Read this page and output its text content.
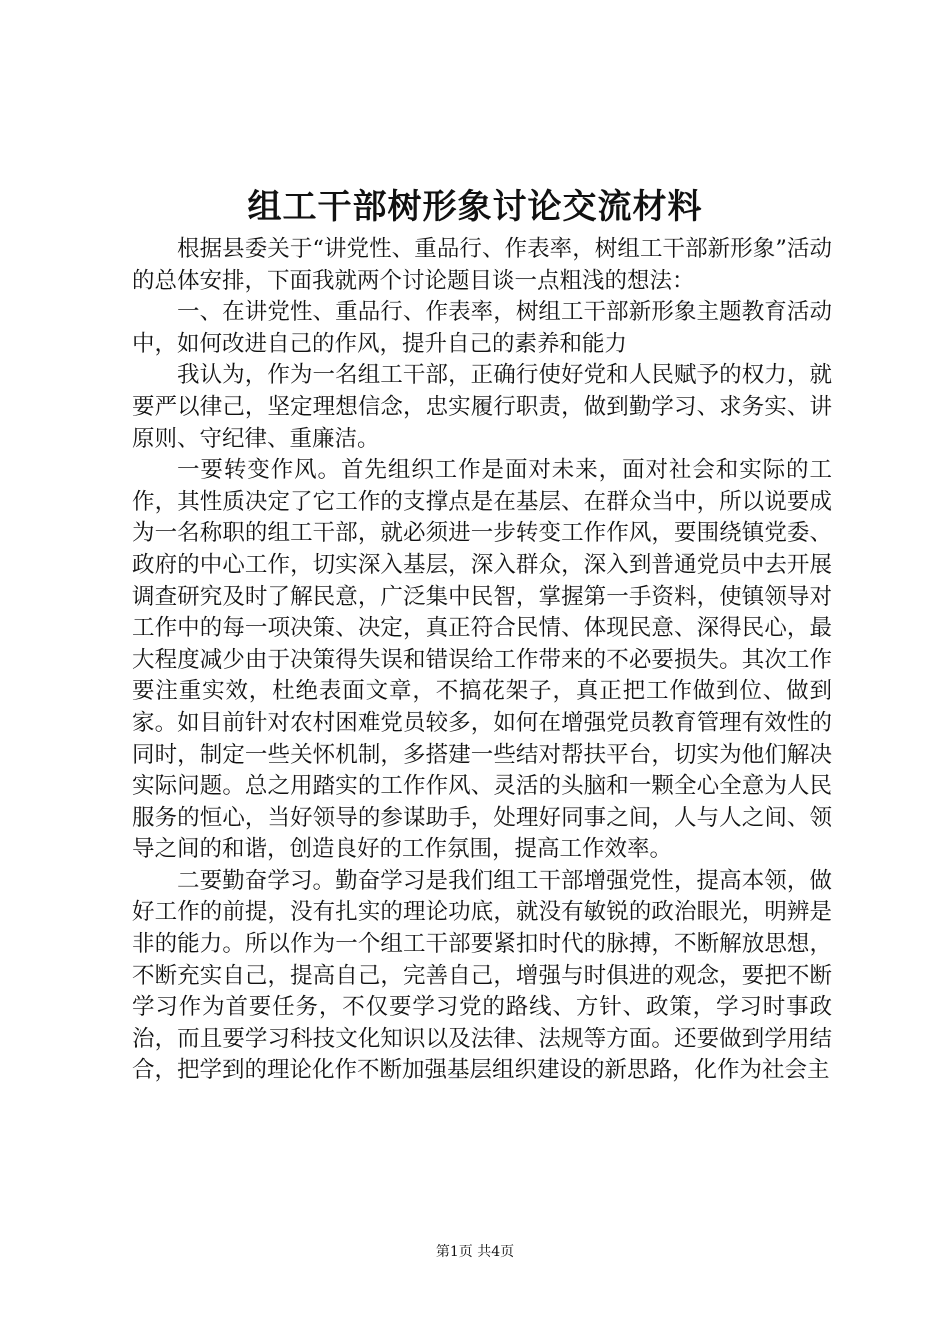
组工干部树形象讨论交流材料

根据县委关于“讲党性、重品行、作表率，树组工干部新形象”活动的总体安排，下面我就两个讨论题目谈一点粗浅的想法：

一、在讲党性、重品行、作表率，树组工干部新形象主题教育活动中，如何改进自己的作风，提升自己的素养和能力

我认为，作为一名组工干部，正确行使好党和人民赋予的权力，就要严以律己，坚定理想信念，忠实履行职责，做到勤学习、求务实、讲原则、守纪律、重廉洁。

一要转变作风。首先组织工作是面对未来，面对社会和实际的工作，其性质决定了它工作的支撑点是在基层、在群众当中，所以说要成为一名称职的组工干部，就必须进一步转变工作作风，要围绕镇党委、政府的中心工作，切实深入基层，深入群众，深入到普通党员中去开展调查研究及时了解民意，广泛集中民智，掌握第一手资料，使镇领导对工作中的每一项决策、决定，真正符合民情、体现民意、深得民心，最大程度减少由于决策得失误和错误给工作带来的不必要损失。其次工作要注重实效，杜绝表面文章，不搞花架子，真正把工作做到位、做到家。如目前针对农村困难党员较多，如何在增强党员教育管理有效性的同时，制定一些关怀机制，多搭建一些结对帮扶平台，切实为他们解决实际问题。总之用踏实的工作作风、灵活的头脑和一颗全心全意为人民服务的恒心，当好领导的参谋助手，处理好同事之间，人与人之间、领导之间的和谐，创造良好的工作氛围，提高工作效率。

二要勤奋学习。勤奋学习是我们组工干部增强党性，提高本领，做好工作的前提，没有扎实的理论功底，就没有敏锐的政治眼光，明辨是非的能力。所以作为一个组工干部要紧扣时代的脉搏，不断解放思想，不断充实自己，提高自己，完善自己，增强与时俱进的观念，要把不断学习作为首要任务，不仅要学习党的路线、方针、政策，学习时事政治，而且要学习科技文化知识以及法律、法规等方面。还要做到学用结合，把学到的理论化作不断加强基层组织建设的新思路，化作为社会主

第1页 共4页
